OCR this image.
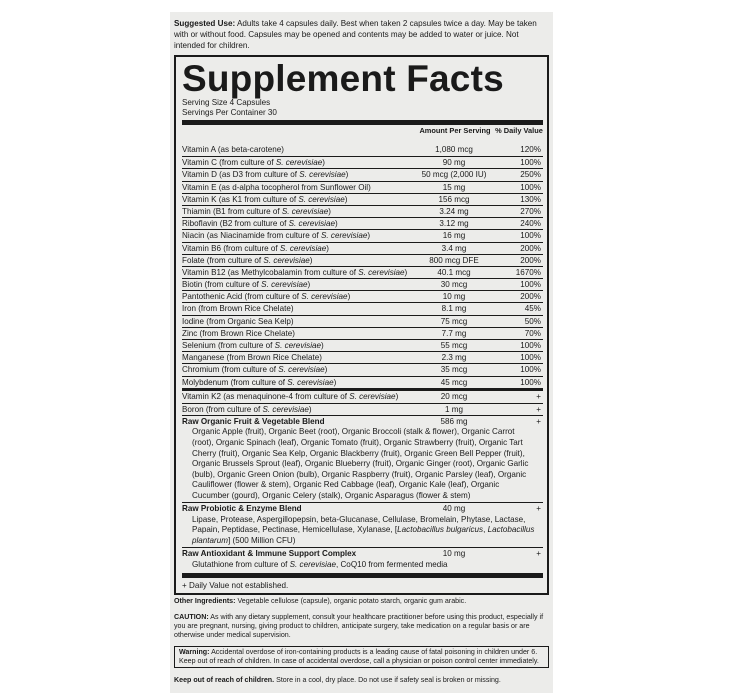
Suggested Use: Adults take 4 capsules daily. Best when taken 2 capsules twice a day. May be taken with or without food. Capsules may be opened and contents may be added to water or juice. Not intended for children.
Supplement Facts
Serving Size 4 Capsules
Servings Per Container 30
Amount Per Serving % Daily Value
Vitamin A (as beta-carotene)	1,080 mcg	120%
Vitamin C (from culture of S. cerevisiae)	90 mg	100%
Vitamin D (as D3 from culture of S. cerevisiae)	50 mcg (2,000 IU)	250%
Vitamin E (as d-alpha tocopherol from Sunflower Oil)	15 mg	100%
Vitamin K (as K1 from culture of S. cerevisiae)	156 mcg	130%
Thiamin (B1 from culture of S. cerevisiae)	3.24 mg	270%
Riboflavin (B2 from culture of S. cerevisiae)	3.12 mg	240%
Niacin (as Niacinamide from culture of S. cerevisiae)	16 mg	100%
Vitamin B6 (from culture of S. cerevisiae)	3.4 mg	200%
Folate (from culture of S. cerevisiae)	800 mcg DFE	200%
Vitamin B12 (as Methylcobalamin from culture of S. cerevisiae)	40.1 mcg	1670%
Biotin (from culture of S. cerevisiae)	30 mcg	100%
Pantothenic Acid (from culture of S. cerevisiae)	10 mg	200%
Iron (from Brown Rice Chelate)	8.1 mg	45%
Iodine (from Organic Sea Kelp)	75 mcg	50%
Zinc (from Brown Rice Chelate)	7.7 mg	70%
Selenium (from culture of S. cerevisiae)	55 mcg	100%
Manganese (from Brown Rice Chelate)	2.3 mg	100%
Chromium (from culture of S. cerevisiae)	35 mcg	100%
Molybdenum (from culture of S. cerevisiae)	45 mcg	100%
Vitamin K2 (as menaquinone-4 from culture of S. cerevisiae)	20 mcg	+
Boron (from culture of S. cerevisiae)	1 mg	+
Raw Organic Fruit & Vegetable Blend	586 mg	+
Organic Apple (fruit), Organic Beet (root), Organic Broccoli (stalk & flower), Organic Carrot (root), Organic Spinach (leaf), Organic Tomato (fruit), Organic Strawberry (fruit), Organic Tart Cherry (fruit), Organic Sea Kelp, Organic Blackberry (fruit), Organic Green Bell Pepper (fruit), Organic Brussels Sprout (leaf), Organic Blueberry (fruit), Organic Ginger (root), Organic Garlic (bulb), Organic Green Onion (bulb), Organic Raspberry (fruit), Organic Parsley (leaf), Organic Cauliflower (flower & stem), Organic Red Cabbage (leaf), Organic Kale (leaf), Organic Cucumber (gourd), Organic Celery (stalk), Organic Asparagus (flower & stem)
Raw Probiotic & Enzyme Blend	40 mg	+
Lipase, Protease, Aspergillopepsin, beta-Glucanase, Cellulase, Bromelain, Phytase, Lactase, Papain, Peptidase, Pectinase, Hemicellulase, Xylanase, [Lactobacillus bulgaricus, Lactobacillus plantarum] (500 Million CFU)
Raw Antioxidant & Immune Support Complex	10 mg	+
Glutathione from culture of S. cerevisiae, CoQ10 from fermented media
+ Daily Value not established.
Other Ingredients: Vegetable cellulose (capsule), organic potato starch, organic gum arabic.
CAUTION: As with any dietary supplement, consult your healthcare practitioner before using this product, especially if you are pregnant, nursing, giving product to children, anticipate surgery, take medication on a regular basis or are otherwise under medical supervision.
Warning: Accidental overdose of iron-containing products is a leading cause of fatal poisoning in children under 6. Keep out of reach of children. In case of accidental overdose, call a physician or poison control center immediately.
Keep out of reach of children. Store in a cool, dry place. Do not use if safety seal is broken or missing.
